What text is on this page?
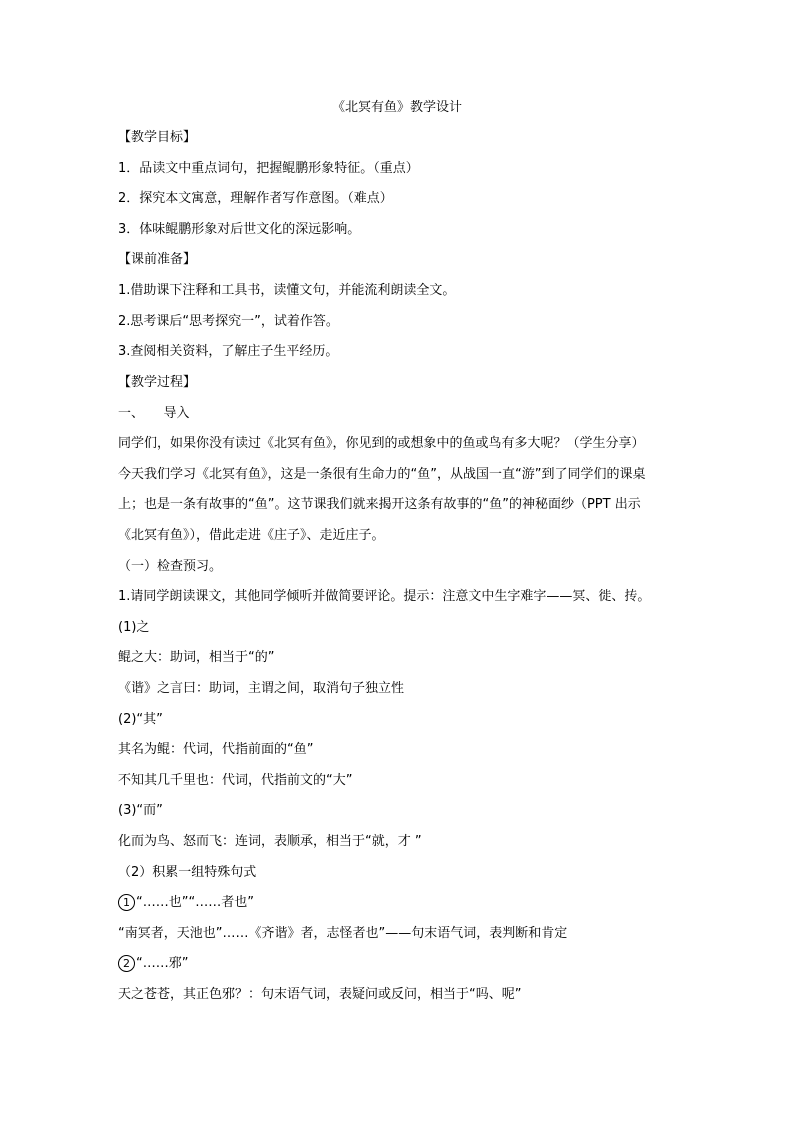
《北冥有鱼》教学设计
【教学目标】
1．品读文中重点词句，把握鲲鹏形象特征。（重点）
2．探究本文寓意，理解作者写作意图。（难点）
3．体味鲲鹏形象对后世文化的深远影响。
【课前准备】
1.借助课下注释和工具书，读懂文句，并能流利朗读全文。
2.思考课后“思考探究一”，试着作答。
3.查阅相关资料，了解庄子生平经历。
【教学过程】
一、　　导入
同学们，如果你没有读过《北冥有鱼》，你见到的或想象中的鱼或鸟有多大呢？（学生分享）
今天我们学习《北冥有鱼》，这是一条很有生命力的“鱼”，从战国一直“游”到了同学们的课桌
上；也是一条有故事的“鱼”。这节课我们就来揭开这条有故事的“鱼”的神秘面纱（PPT 出示
《北冥有鱼》），借此走进《庄子》、走近庄子。
（一）检查预习。
1.请同学朗读课文，其他同学倾听并做简要评论。提示：注意文中生字难字——冥、徙、抟。
(1)之
鲲之大：助词，相当于“的”
《谐》之言曰：助词，主谓之间，取消句子独立性
(2)“其”
其名为鲲：代词，代指前面的“鱼”
不知其几千里也：代词，代指前文的“大”
(3)“而”
化而为鸟、怒而飞：连词，表顺承，相当于“就，才 ”
（2）积累一组特殊句式
1 “……也”“……者也”
“南冥者，天池也”……《齐谐》者，志怪者也”——句末语气词，表判断和肯定
2 “……邪”
天之苍苍，其正色邪？：句末语气词，表疑问或反问，相当于“吗、呢”
